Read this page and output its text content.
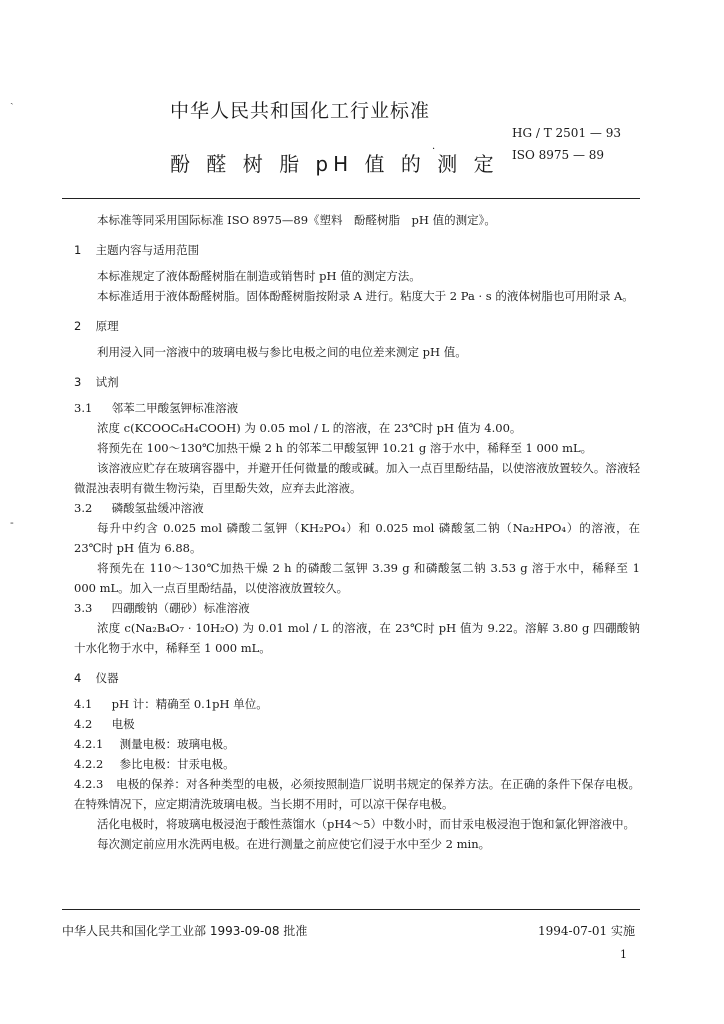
ˏ
-
中华人民共和国化工行业标准
HG / T 2501 — 93
ISO 8975 — 89
酚 醛 树 脂 pH 值 的 测 定
·

本标准等同采用国际标准 ISO 8975—89《塑料　酚醛树脂　pH 值的测定》。

1 主题内容与适用范围

本标准规定了液体酚醛树脂在制造或销售时 pH 值的测定方法。

本标准适用于液体酚醛树脂。固体酚醛树脂按附录 A 进行。粘度大于 2 Pa · s 的液体树脂也可用附录 A。

2 原理

利用浸入同一溶液中的玻璃电极与参比电极之间的电位差来测定 pH 值。

3 试剂
3.1 邻苯二甲酸氢钾标准溶液

浓度 c(KCOOC₆H₄COOH) 为 0.05 mol / L 的溶液，在 23℃时 pH 值为 4.00。

将预先在 100～130℃加热干燥 2 h 的邻苯二甲酸氢钾 10.21 g 溶于水中，稀释至 1 000 mL。

该溶液应贮存在玻璃容器中，并避开任何微量的酸或碱。加入一点百里酚结晶，以使溶液放置较久。溶液轻微混浊表明有微生物污染，百里酚失效，应弃去此溶液。

3.2 磷酸氢盐缓冲溶液

每升中约含 0.025 mol 磷酸二氢钾（KH₂PO₄）和 0.025 mol 磷酸氢二钠（Na₂HPO₄）的溶液，在 23℃时 pH 值为 6.88。

将预先在 110～130℃加热干燥 2 h 的磷酸二氢钾 3.39 g 和磷酸氢二钠 3.53 g 溶于水中，稀释至 1 000 mL。加入一点百里酚结晶，以使溶液放置较久。

3.3 四硼酸钠（硼砂）标准溶液

浓度 c(Na₂B₄O₇ · 10H₂O) 为 0.01 mol / L 的溶液，在 23℃时 pH 值为 9.22。溶解 3.80 g 四硼酸钠十水化物于水中，稀释至 1 000 mL。

4 仪器
4.1 pH 计：精确至 0.1pH 单位。
4.2 电极
4.2.1 测量电极：玻璃电极。
4.2.2 参比电极：甘汞电极。
4.2.3 电极的保养：对各种类型的电极，必须按照制造厂说明书规定的保养方法。在正确的条件下保存电极。在特殊情况下，应定期清洗玻璃电极。当长期不用时，可以凉干保存电极。

活化电极时，将玻璃电极浸泡于酸性蒸馏水（pH4～5）中数小时，而甘汞电极浸泡于饱和氯化钾溶液中。

每次测定前应用水洗两电极。在进行测量之前应使它们浸于水中至少 2 min。

中华人民共和国化学工业部 1993-09-08 批准	1994-07-01 实施
1
